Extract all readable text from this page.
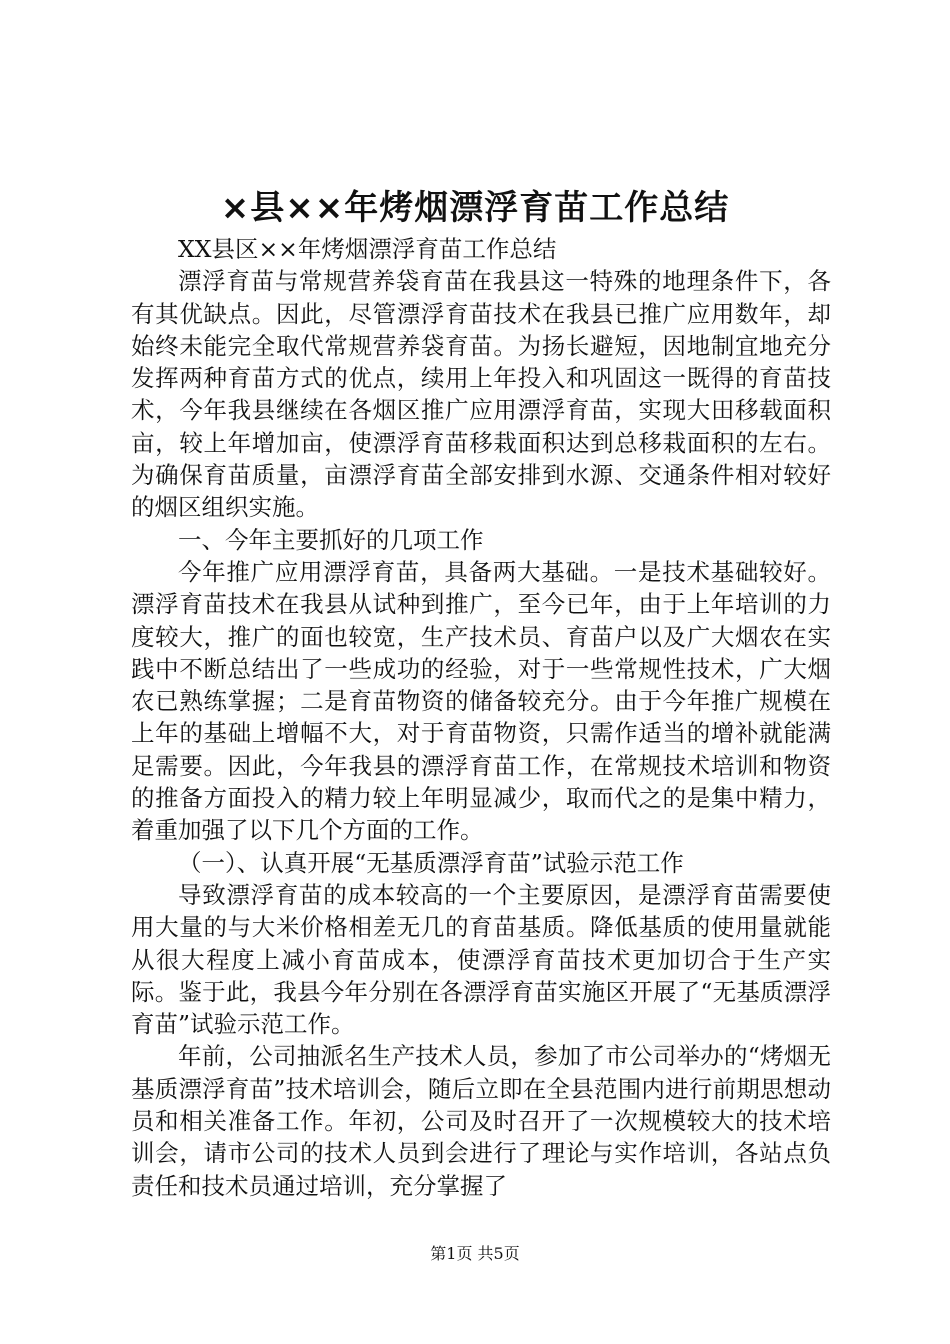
×县××年烤烟漂浮育苗工作总结

XX县区××年烤烟漂浮育苗工作总结

漂浮育苗与常规营养袋育苗在我县这一特殊的地理条件下，各有其优缺点。因此，尽管漂浮育苗技术在我县已推广应用数年，却始终未能完全取代常规营养袋育苗。为扬长避短，因地制宜地充分发挥两种育苗方式的优点，续用上年投入和巩固这一既得的育苗技术，今年我县继续在各烟区推广应用漂浮育苗，实现大田移载面积亩，较上年增加亩，使漂浮育苗移栽面积达到总移栽面积的左右。为确保育苗质量，亩漂浮育苗全部安排到水源、交通条件相对较好的烟区组织实施。

一、今年主要抓好的几项工作

今年推广应用漂浮育苗，具备两大基础。一是技术基础较好。漂浮育苗技术在我县从试种到推广，至今已年，由于上年培训的力度较大，推广的面也较宽，生产技术员、育苗户以及广大烟农在实践中不断总结出了一些成功的经验，对于一些常规性技术，广大烟农已熟练掌握；二是育苗物资的储备较充分。由于今年推广规模在上年的基础上增幅不大，对于育苗物资，只需作适当的增补就能满足需要。因此，今年我县的漂浮育苗工作，在常规技术培训和物资的推备方面投入的精力较上年明显减少，取而代之的是集中精力，着重加强了以下几个方面的工作。

（一）、认真开展“无基质漂浮育苗”试验示范工作

导致漂浮育苗的成本较高的一个主要原因，是漂浮育苗需要使用大量的与大米价格相差无几的育苗基质。降低基质的使用量就能从很大程度上减小育苗成本，使漂浮育苗技术更加切合于生产实际。鉴于此，我县今年分别在各漂浮育苗实施区开展了“无基质漂浮育苗”试验示范工作。

年前，公司抽派名生产技术人员，参加了市公司举办的“烤烟无基质漂浮育苗”技术培训会，随后立即在全县范围内进行前期思想动员和相关准备工作。年初，公司及时召开了一次规模较大的技术培训会，请市公司的技术人员到会进行了理论与实作培训，各站点负责任和技术员通过培训，充分掌握了

第1页 共5页
